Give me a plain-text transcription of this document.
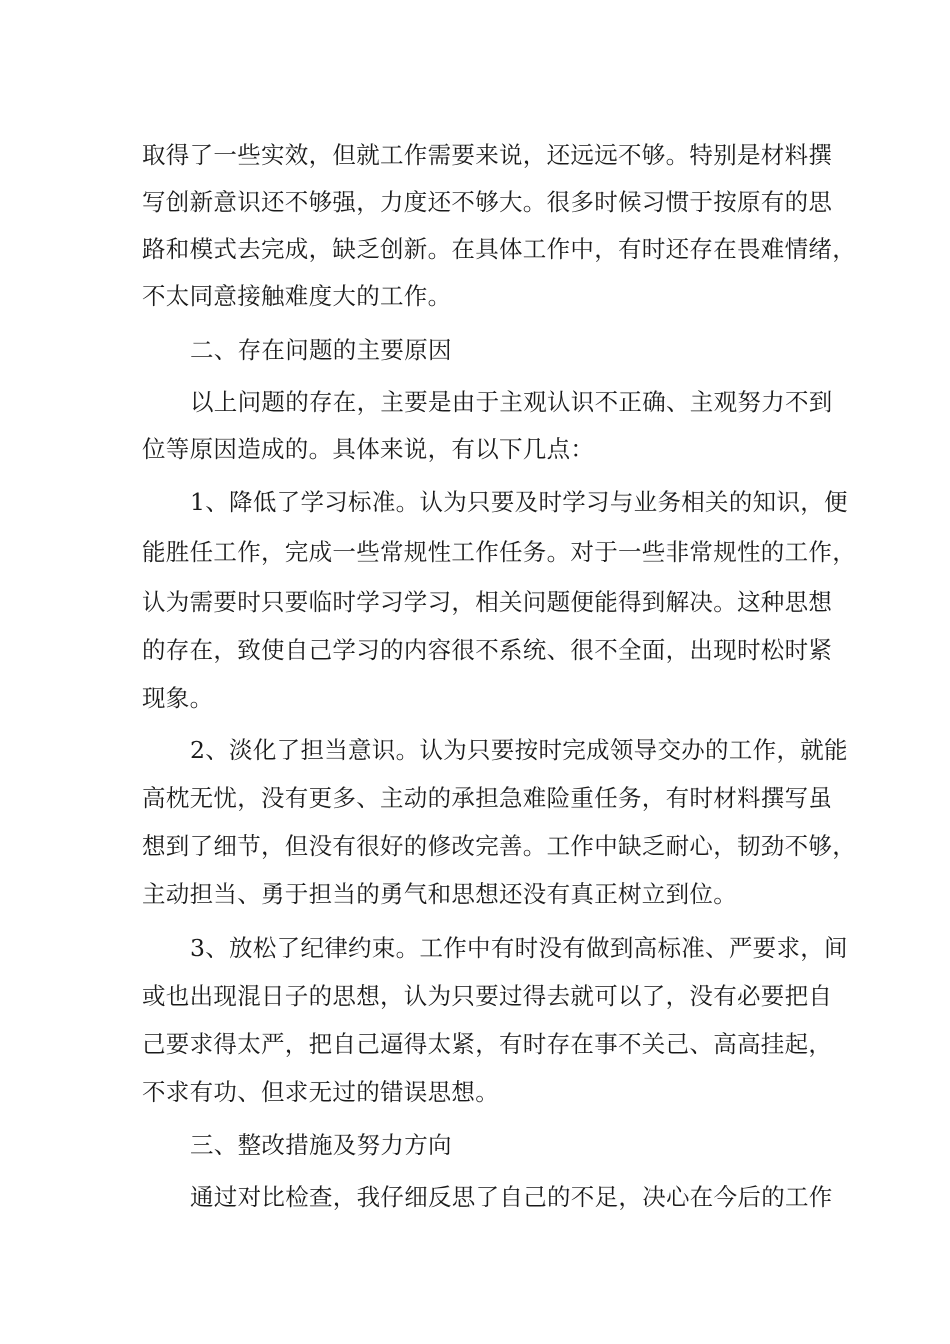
取得了一些实效，但就工作需要来说，还远远不够。特别是材料撰
写创新意识还不够强，力度还不够大。很多时候习惯于按原有的思
路和模式去完成，缺乏创新。在具体工作中，有时还存在畏难情绪，
不太同意接触难度大的工作。
二、存在问题的主要原因
以上问题的存在，主要是由于主观认识不正确、主观努力不到
位等原因造成的。具体来说，有以下几点：
1、降低了学习标准。认为只要及时学习与业务相关的知识，便
能胜任工作，完成一些常规性工作任务。对于一些非常规性的工作，
认为需要时只要临时学习学习，相关问题便能得到解决。这种思想
的存在，致使自己学习的内容很不系统、很不全面，出现时松时紧
现象。
2、淡化了担当意识。认为只要按时完成领导交办的工作，就能
高枕无忧，没有更多、主动的承担急难险重任务，有时材料撰写虽
想到了细节，但没有很好的修改完善。工作中缺乏耐心，韧劲不够，
主动担当、勇于担当的勇气和思想还没有真正树立到位。
3、放松了纪律约束。工作中有时没有做到高标准、严要求，间
或也出现混日子的思想，认为只要过得去就可以了，没有必要把自
己要求得太严，把自己逼得太紧，有时存在事不关己、高高挂起，
不求有功、但求无过的错误思想。
三、整改措施及努力方向
通过对比检查，我仔细反思了自己的不足，决心在今后的工作
